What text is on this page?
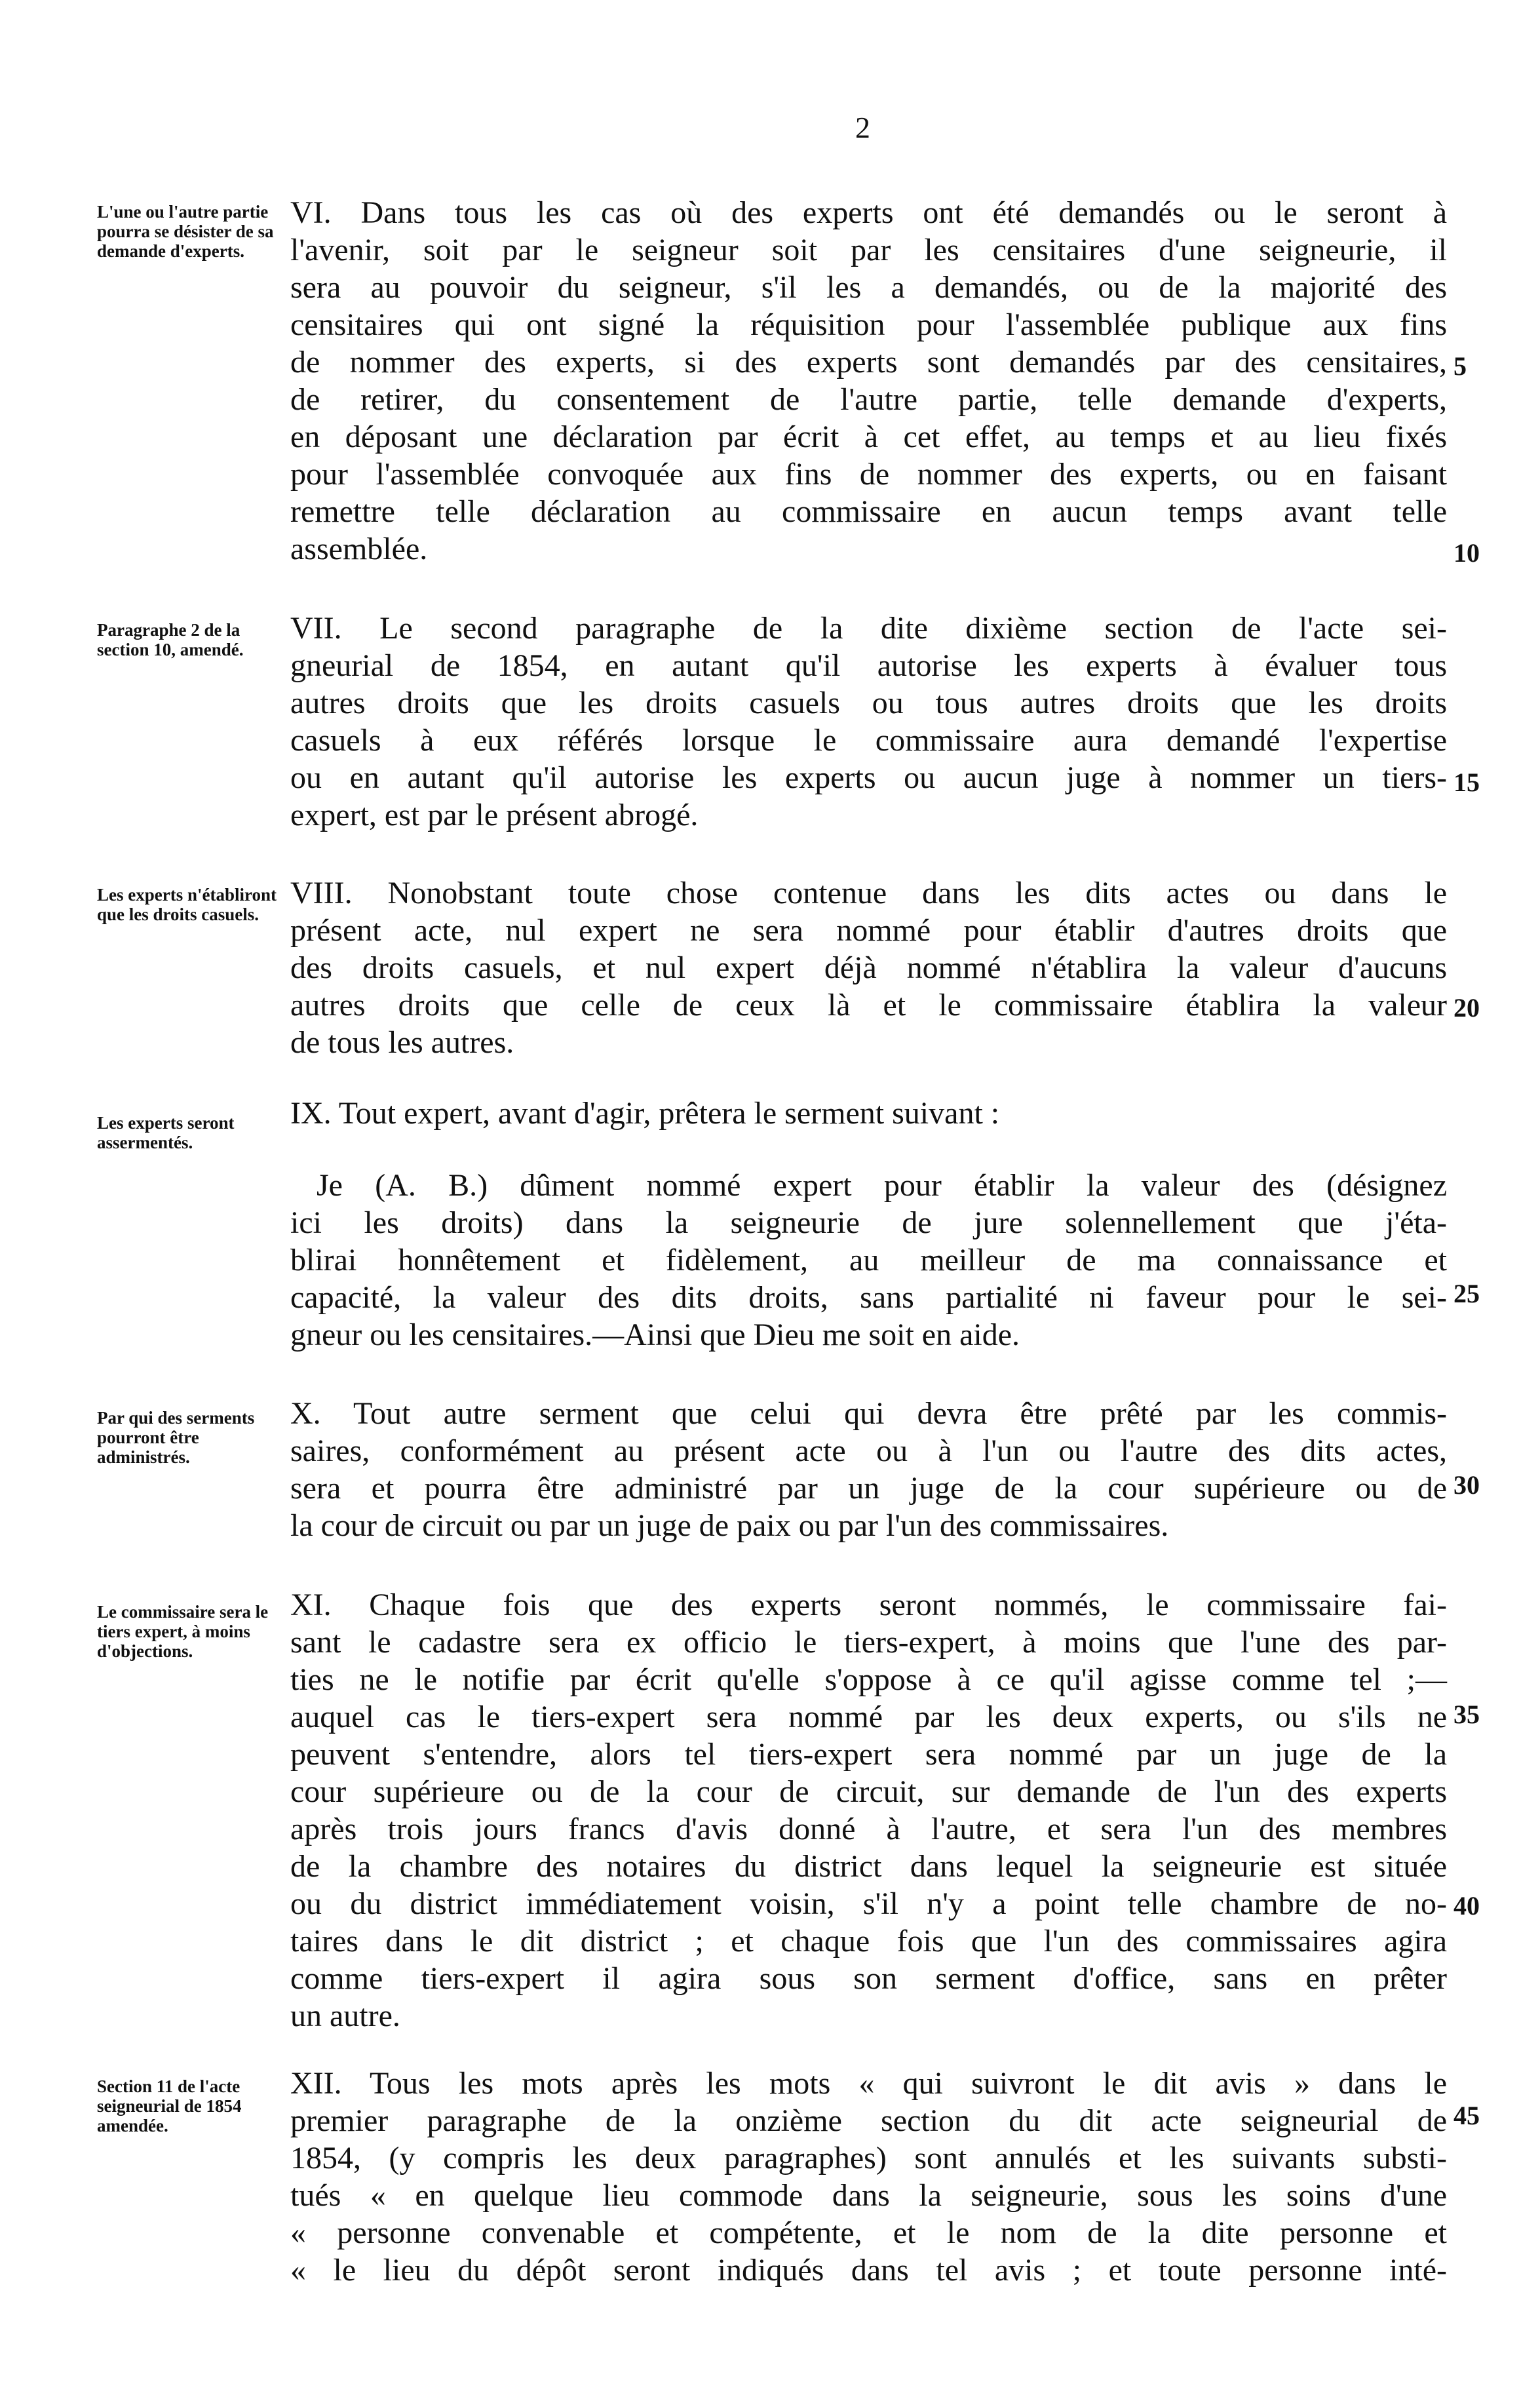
2
L'une ou l'autre partie pourra se désister de sa demande d'experts.
VI. Dans tous les cas où des experts ont été demandés ou le seront à
l'avenir, soit par le seigneur soit par les censitaires d'une seigneurie, il
sera au pouvoir du seigneur, s'il les a demandés, ou de la majorité des
censitaires qui ont signé la réquisition pour l'assemblée publique aux fins
de nommer des experts, si des experts sont demandés par des censitaires,
de retirer, du consentement de l'autre partie, telle demande d'experts,
en déposant une déclaration par écrit à cet effet, au temps et au lieu fixés
pour l'assemblée convoquée aux fins de nommer des experts, ou en faisant
remettre telle déclaration au commissaire en aucun temps avant telle
assemblée.
Paragraphe 2 de la section 10, amendé.
VII. Le second paragraphe de la dite dixième section de l'acte sei-
gneurial de 1854, en autant qu'il autorise les experts à évaluer tous
autres droits que les droits casuels ou tous autres droits que les droits
casuels à eux référés lorsque le commissaire aura demandé l'expertise
ou en autant qu'il autorise les experts ou aucun juge à nommer un tiers-
expert, est par le présent abrogé.
Les experts n'établiront que les droits casuels.
VIII. Nonobstant toute chose contenue dans les dits actes ou dans le
présent acte, nul expert ne sera nommé pour établir d'autres droits que
des droits casuels, et nul expert déjà nommé n'établira la valeur d'aucuns
autres droits que celle de ceux là et le commissaire établira la valeur
de tous les autres.
Les experts seront assermentés.
IX. Tout expert, avant d'agir, prêtera le serment suivant :
Je (A. B.) dûment nommé expert pour établir la valeur des (désignez
ici les droits) dans la seigneurie de jure solennellement que j'éta-
blirai honnêtement et fidèlement, au meilleur de ma connaissance et
capacité, la valeur des dits droits, sans partialité ni faveur pour le sei-
gneur ou les censitaires.—Ainsi que Dieu me soit en aide.
Par qui des serments pourront être administrés.
X. Tout autre serment que celui qui devra être prêté par les commis-
saires, conformément au présent acte ou à l'un ou l'autre des dits actes,
sera et pourra être administré par un juge de la cour supérieure ou de
la cour de circuit ou par un juge de paix ou par l'un des commissaires.
Le commissaire sera le tiers expert, à moins d'objections.
XI. Chaque fois que des experts seront nommés, le commissaire fai-
sant le cadastre sera ex officio le tiers-expert, à moins que l'une des par-
ties ne le notifie par écrit qu'elle s'oppose à ce qu'il agisse comme tel ;—
auquel cas le tiers-expert sera nommé par les deux experts, ou s'ils ne
peuvent s'entendre, alors tel tiers-expert sera nommé par un juge de la
cour supérieure ou de la cour de circuit, sur demande de l'un des experts
après trois jours francs d'avis donné à l'autre, et sera l'un des membres
de la chambre des notaires du district dans lequel la seigneurie est située
ou du district immédiatement voisin, s'il n'y a point telle chambre de no-
taires dans le dit district ; et chaque fois que l'un des commissaires agira
comme tiers-expert il agira sous son serment d'office, sans en prêter
un autre.
Section 11 de l'acte seigneurial de 1854 amendée.
XII. Tous les mots après les mots « qui suivront le dit avis » dans le
premier paragraphe de la onzième section du dit acte seigneurial de
1854, (y compris les deux paragraphes) sont annulés et les suivants substi-
tués « en quelque lieu commode dans la seigneurie, sous les soins d'une
« personne convenable et compétente, et le nom de la dite personne et
« le lieu du dépôt seront indiqués dans tel avis ; et toute personne inté-
5
10
15
20
25
30
35
40
45
